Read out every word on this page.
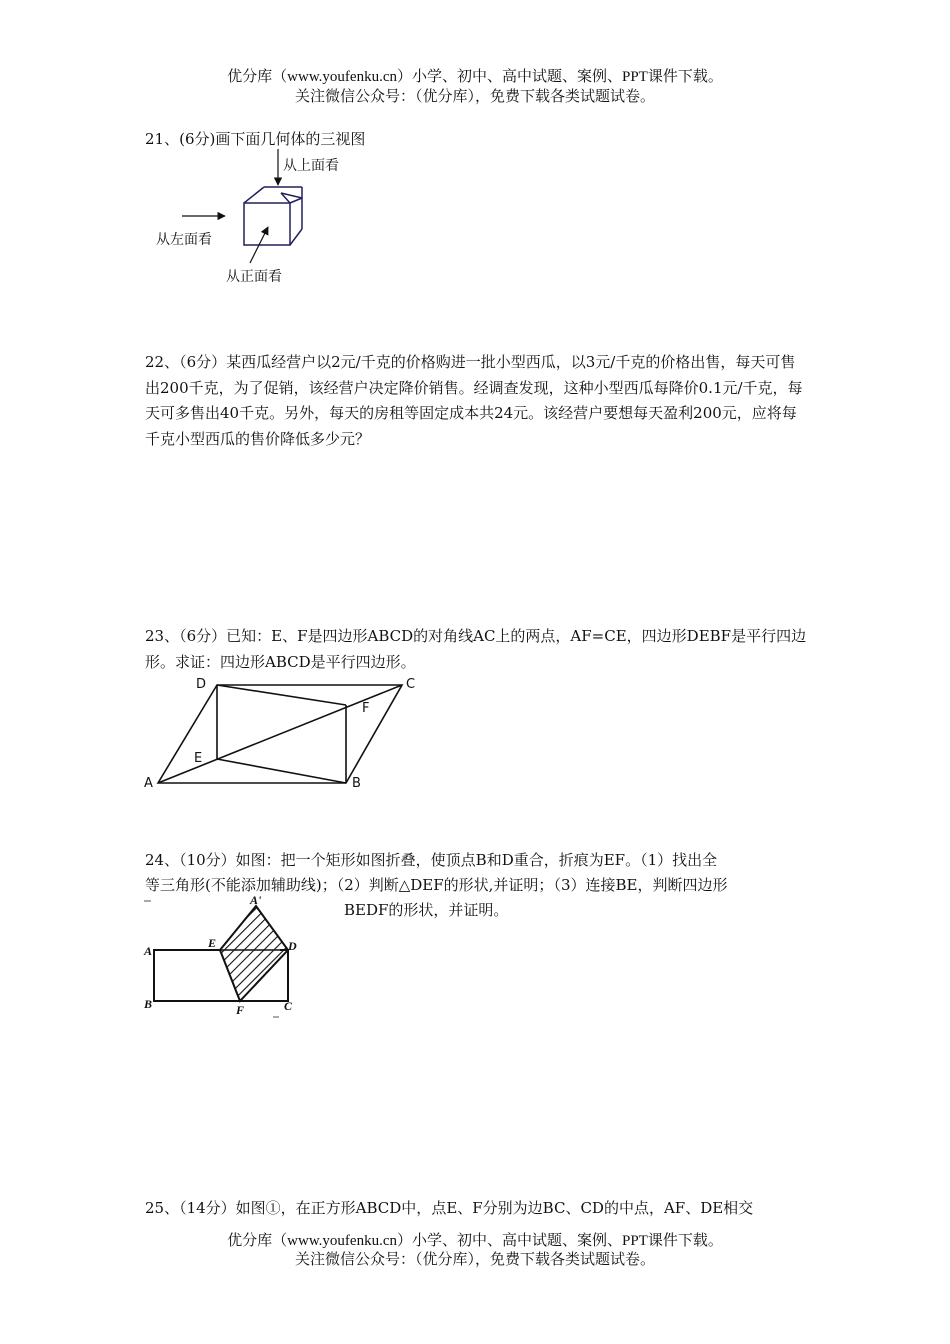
优分库（www.youfenku.cn）小学、初中、高中试题、案例、PPT课件下载。
关注微信公众号：（优分库），免费下载各类试题试卷。
21、(6分)画下面几何体的三视图
从上面看
从左面看
从正面看
22、（6分）某西瓜经营户以2元/千克的价格购进一批小型西瓜，以3元/千克的价格出售，每天可售出200千克，为了促销，该经营户决定降价销售。经调查发现，这种小型西瓜每降价0.1元/千克，每天可多售出40千克。另外，每天的房租等固定成本共24元。该经营户要想每天盈利200元，应将每千克小型西瓜的售价降低多少元？
23、（6分）已知：E、F是四边形ABCD的对角线AC上的两点，AF=CE，四边形DEBF是平行四边形。求证：四边形ABCD是平行四边形。
D	C
F
E
A	B
24、（10分）如图：把一个矩形如图折叠，使顶点B和D重合，折痕为EF。（1）找出全
等三角形(不能添加辅助线)；（2）判断△DEF的形状,并证明；（3）连接BE，判断四边形
BEDF的形状，并证明。
A'
E	D
A
B	F	C
25、（14分）如图①，在正方形ABCD中，点E、F分别为边BC、CD的中点，AF、DE相交
优分库（www.youfenku.cn）小学、初中、高中试题、案例、PPT课件下载。
关注微信公众号：（优分库），免费下载各类试题试卷。
